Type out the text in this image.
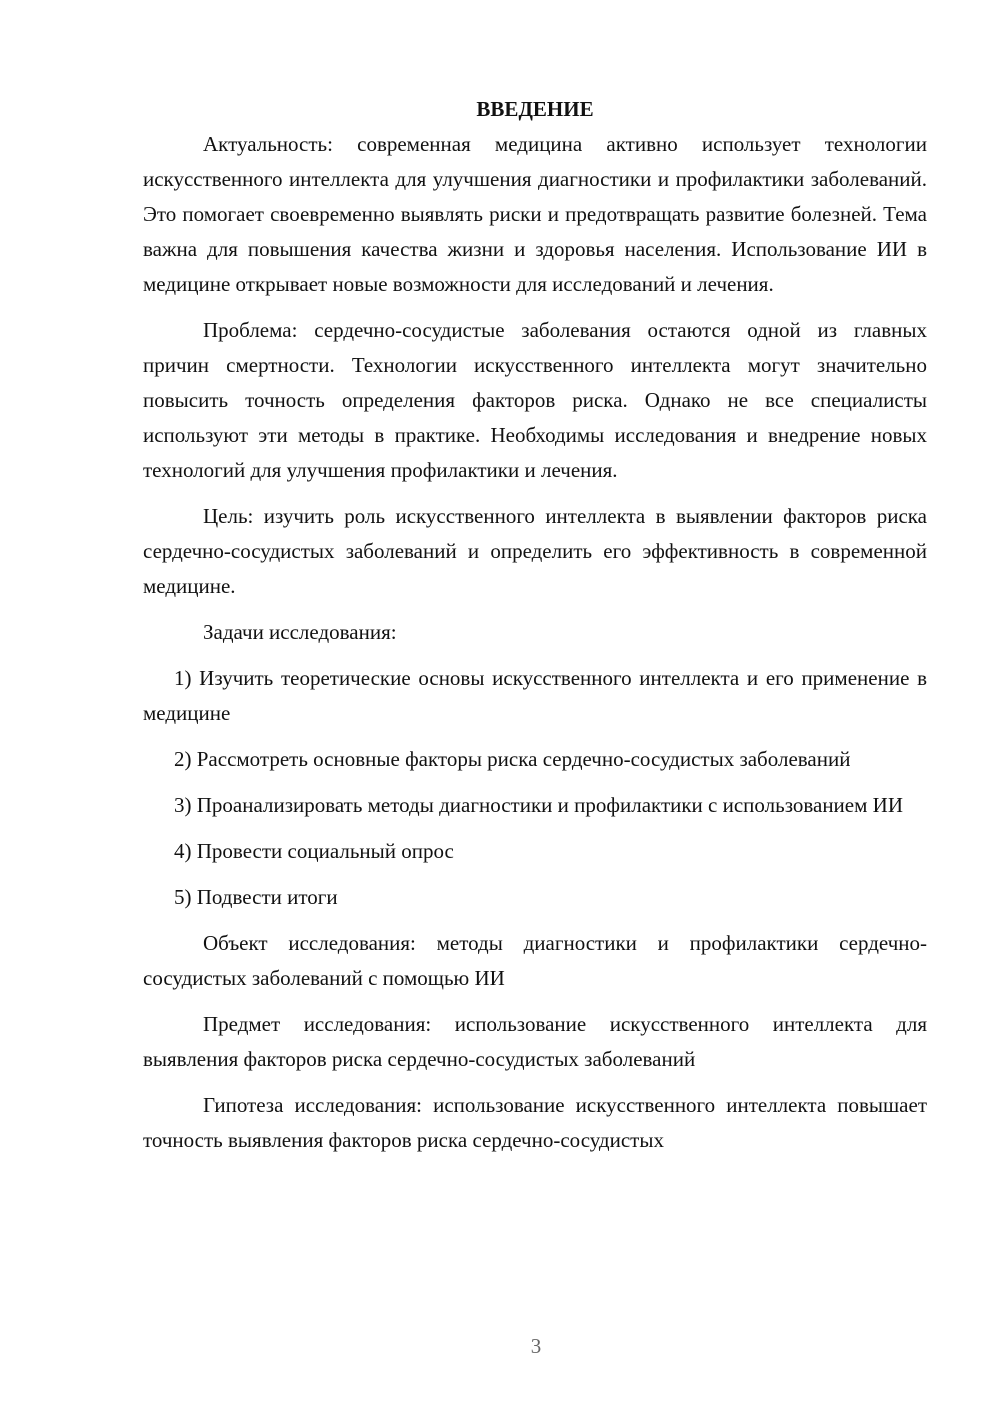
ВВЕДЕНИЕ

Актуальность: современная медицина активно использует технологии искусственного интеллекта для улучшения диагностики и профилактики заболеваний. Это помогает своевременно выявлять риски и предотвращать развитие болезней. Тема важна для повышения качества жизни и здоровья населения. Использование ИИ в медицине открывает новые возможности для исследований и лечения.

Проблема: сердечно-сосудистые заболевания остаются одной из главных причин смертности. Технологии искусственного интеллекта могут значительно повысить точность определения факторов риска. Однако не все специалисты используют эти методы в практике. Необходимы исследования и внедрение новых технологий для улучшения профилактики и лечения.

Цель: изучить роль искусственного интеллекта в выявлении факторов риска сердечно-сосудистых заболеваний и определить его эффективность в современной медицине.

Задачи исследования:

1) Изучить теоретические основы искусственного интеллекта и его применение в медицине

2) Рассмотреть основные факторы риска сердечно-сосудистых заболеваний

3) Проанализировать методы диагностики и профилактики с использованием ИИ

4) Провести социальный опрос

5) Подвести итоги

Объект исследования: методы диагностики и профилактики сердечно-сосудистых заболеваний с помощью ИИ

Предмет исследования: использование искусственного интеллекта для выявления факторов риска сердечно-сосудистых заболеваний

Гипотеза исследования: использование искусственного интеллекта повышает точность выявления факторов риска сердечно-сосудистых

3
